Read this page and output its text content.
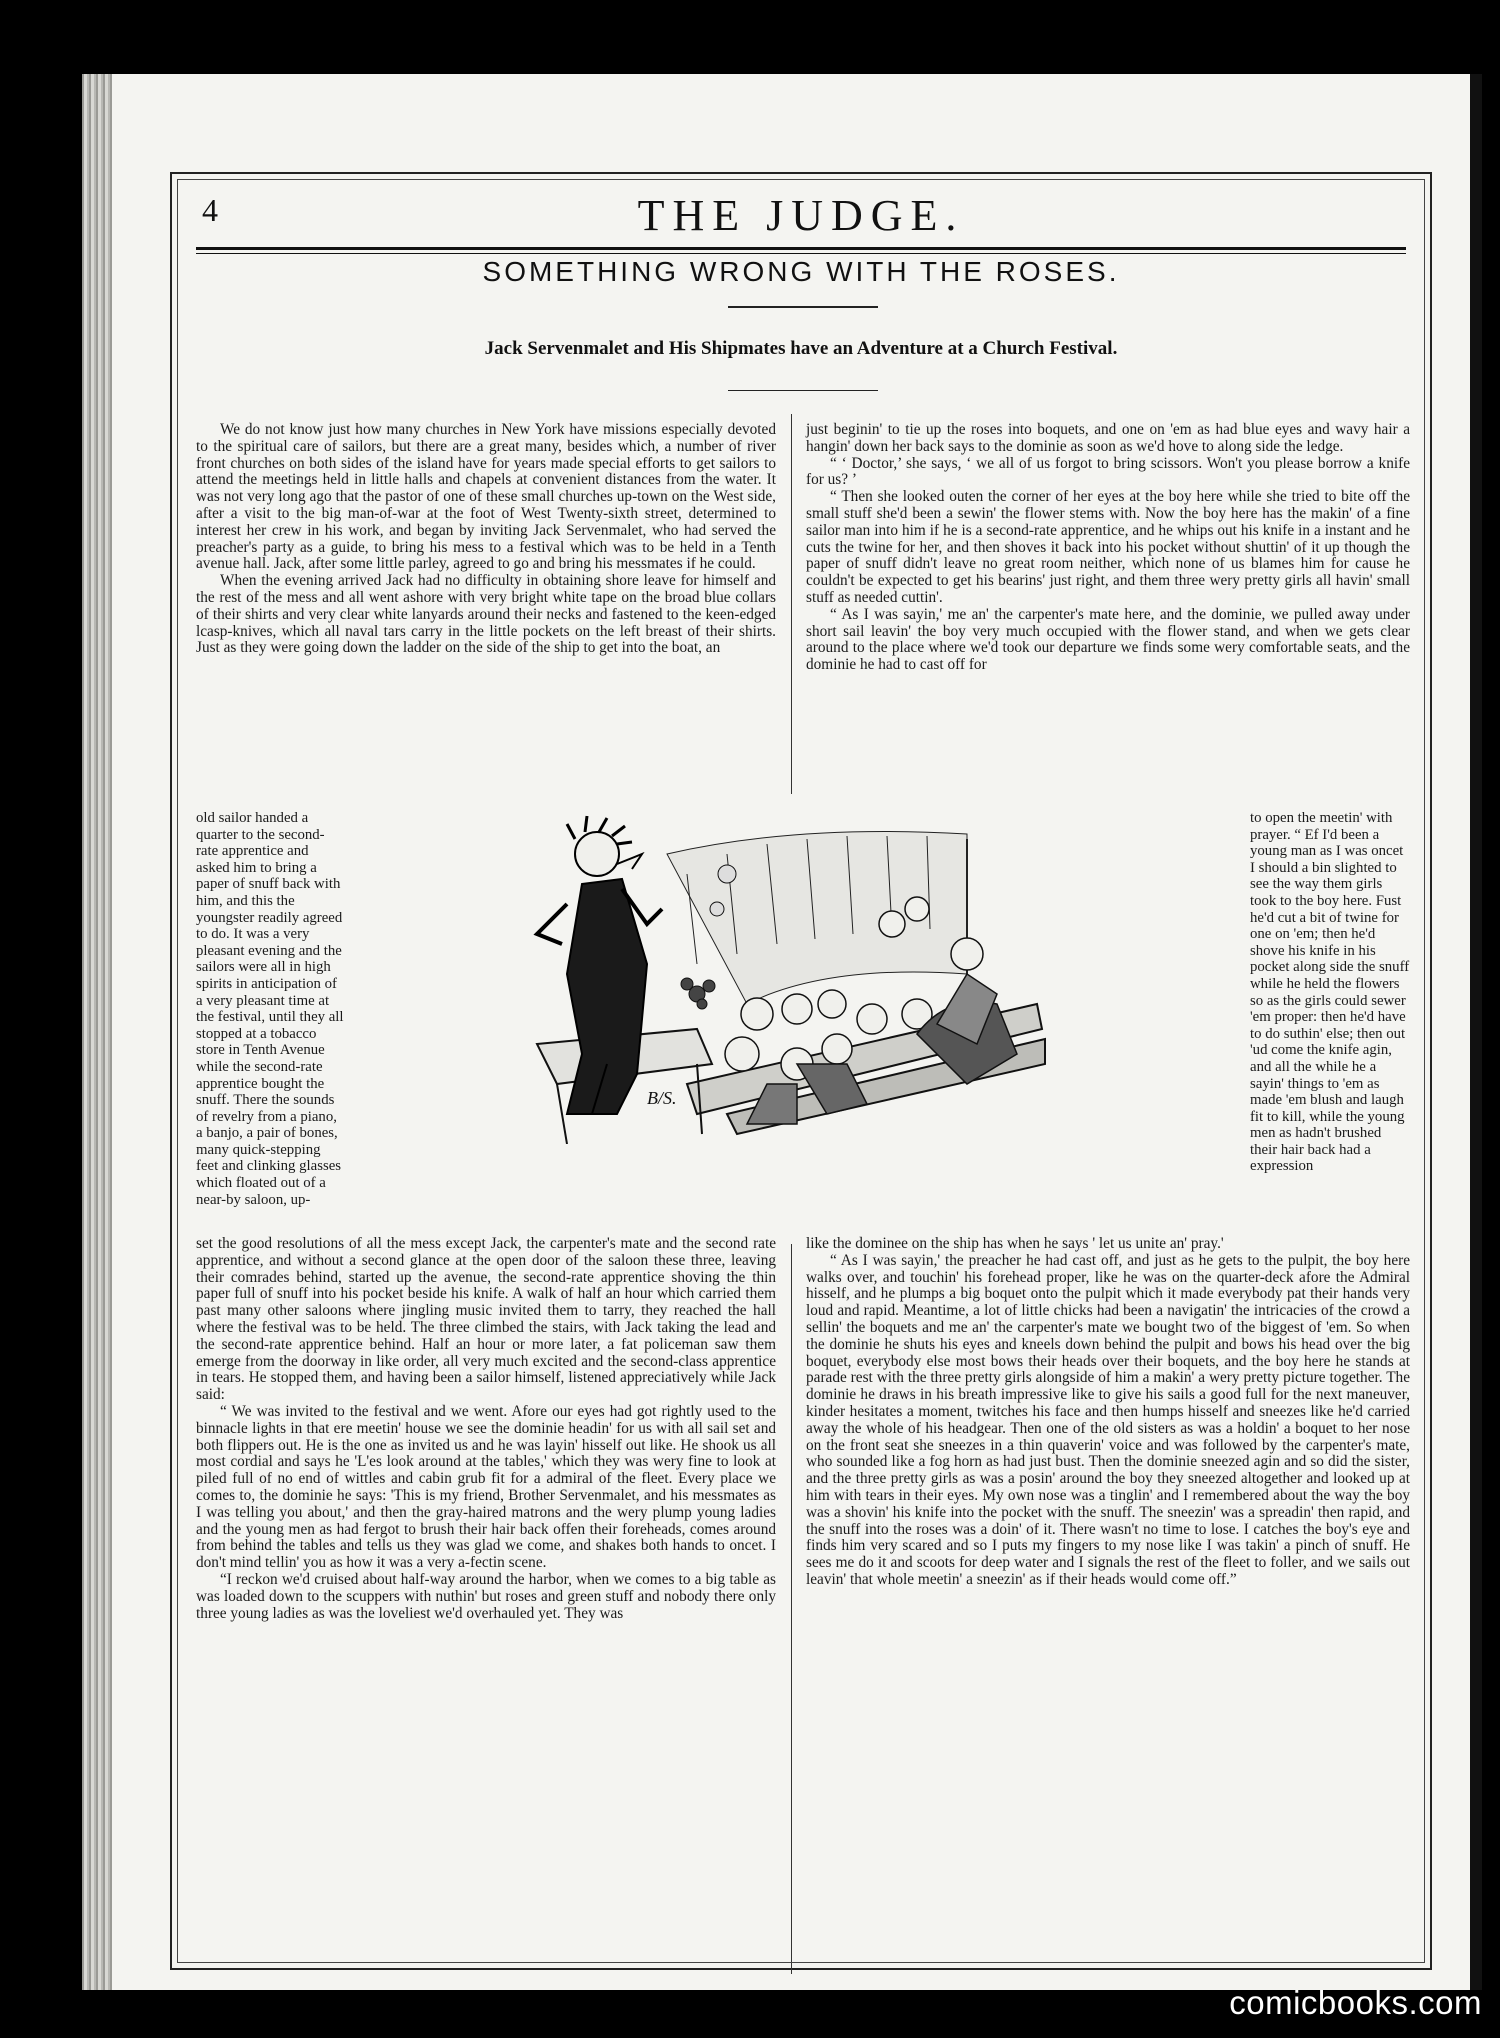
4	THE JUDGE.
SOMETHING WRONG WITH THE ROSES.
Jack Servenmalet and His Shipmates have an Adventure at a Church Festival.

We do not know just how many churches in New York have missions especially devoted to the spiritual care of sailors, but there are a great many, besides which, a number of river front churches on both sides of the island have for years made special efforts to get sailors to attend the meetings held in little halls and chapels at convenient distances from the water. It was not very long ago that the pastor of one of these small churches up-town on the West side, after a visit to the big man-of-war at the foot of West Twenty-sixth street, determined to interest her crew in his work, and began by inviting Jack Servenmalet, who had served the preacher's party as a guide, to bring his mess to a festival which was to be held in a Tenth avenue hall. Jack, after some little parley, agreed to go and bring his messmates if he could.

When the evening arrived Jack had no difficulty in obtaining shore leave for himself and the rest of the mess and all went ashore with very bright white tape on the broad blue collars of their shirts and very clear white lanyards around their necks and fastened to the keen-edged lcasp-knives, which all naval tars carry in the little pockets on the left breast of their shirts. Just as they were going down the ladder on the side of the ship to get into the boat, an

old sailor handed a quarter to the second-rate apprentice and asked him to bring a paper of snuff back with him, and this the youngster readily agreed to do. It was a very pleasant evening and the sailors were all in high spirits in anticipation of a very pleasant time at the festival, until they all stopped at a tobacco store in Tenth Avenue while the second-rate apprentice bought the snuff. There the sounds of revelry from a piano, a banjo, a pair of bones, many quick-stepping feet and clinking glasses which floated out of a near-by saloon, up-

set the good resolutions of all the mess except Jack, the carpenter's mate and the second rate apprentice, and without a second glance at the open door of the saloon these three, leaving their comrades behind, started up the avenue, the second-rate apprentice shoving the thin paper full of snuff into his pocket beside his knife. A walk of half an hour which carried them past many other saloons where jingling music invited them to tarry, they reached the hall where the festival was to be held. The three climbed the stairs, with Jack taking the lead and the second-rate apprentice behind. Half an hour or more later, a fat policeman saw them emerge from the doorway in like order, all very much excited and the second-class apprentice in tears. He stopped them, and having been a sailor himself, listened appreciatively while Jack said:

“ We was invited to the festival and we went. Afore our eyes had got rightly used to the binnacle lights in that ere meetin' house we see the dominie headin' for us with all sail set and both flippers out. He is the one as invited us and he was layin' hisself out like. He shook us all most cordial and says he 'L'es look around at the tables,' which they was wery fine to look at piled full of no end of wittles and cabin grub fit for a admiral of the fleet. Every place we comes to, the dominie he says: 'This is my friend, Brother Servenmalet, and his messmates as I was telling you about,' and then the gray-haired matrons and the wery plump young ladies and the young men as had fergot to brush their hair back offen their foreheads, comes around from behind the tables and tells us they was glad we come, and shakes both hands to oncet. I don't mind tellin' you as how it was a very a-fectin scene.

“I reckon we'd cruised about half-way around the harbor, when we comes to a big table as was loaded down to the scuppers with nuthin' but roses and green stuff and nobody there only three young ladies as was the loveliest we'd overhauled yet. They was

just beginin' to tie up the roses into boquets, and one on 'em as had blue eyes and wavy hair a hangin' down her back says to the dominie as soon as we'd hove to along side the ledge.

“ ‘ Doctor,’ she says, ‘ we all of us forgot to bring scissors. Won't you please borrow a knife for us? ’

“ Then she looked outen the corner of her eyes at the boy here while she tried to bite off the small stuff she'd been a sewin' the flower stems with. Now the boy here has the makin' of a fine sailor man into him if he is a second-rate apprentice, and he whips out his knife in a instant and he cuts the twine for her, and then shoves it back into his pocket without shuttin' of it up though the paper of snuff didn't leave no great room neither, which none of us blames him for cause he couldn't be expected to get his bearins' just right, and them three wery pretty girls all havin' small stuff as needed cuttin'.

“ As I was sayin,' me an' the carpenter's mate here, and the dominie, we pulled away under short sail leavin' the boy very much occupied with the flower stand, and when we gets clear around to the place where we'd took our departure we finds some wery comfortable seats, and the dominie he had to cast off for

to open the meetin' with prayer. “ Ef I'd been a young man as I was oncet I should a bin slighted to see the way them girls took to the boy here. Fust he'd cut a bit of twine for one on 'em; then he'd shove his knife in his pocket along side the snuff while he held the flowers so as the girls could sewer 'em proper: then he'd have to do suthin' else; then out 'ud come the knife agin, and all the while he a sayin' things to 'em as made 'em blush and laugh fit to kill, while the young men as hadn't brushed their hair back had a expression

like the dominee on the ship has when he says ' let us unite an' pray.'

“ As I was sayin,' the preacher he had cast off, and just as he gets to the pulpit, the boy here walks over, and touchin' his forehead proper, like he was on the quarter-deck afore the Admiral hisself, and he plumps a big boquet onto the pulpit which it made everybody pat their hands very loud and rapid. Meantime, a lot of little chicks had been a navigatin' the intricacies of the crowd a sellin' the boquets and me an' the carpenter's mate we bought two of the biggest of 'em. So when the dominie he shuts his eyes and kneels down behind the pulpit and bows his head over the big boquet, everybody else most bows their heads over their boquets, and the boy here he stands at parade rest with the three pretty girls alongside of him a makin' a wery pretty picture together. The dominie he draws in his breath impressive like to give his sails a good full for the next maneuver, kinder hesitates a moment, twitches his face and then humps hisself and sneezes like he'd carried away the whole of his headgear. Then one of the old sisters as was a holdin' a boquet to her nose on the front seat she sneezes in a thin quaverin' voice and was followed by the carpenter's mate, who sounded like a fog horn as had just bust. Then the dominie sneezed agin and so did the sister, and the three pretty girls as was a posin' around the boy they sneezed altogether and looked up at him with tears in their eyes. My own nose was a tinglin' and I remembered about the way the boy was a shovin' his knife into the pocket with the snuff. The sneezin' was a spreadin' then rapid, and the snuff into the roses was a doin' of it. There wasn't no time to lose. I catches the boy's eye and finds him very scared and so I puts my fingers to my nose like I was takin' a pinch of snuff. He sees me do it and scoots for deep water and I signals the rest of the fleet to foller, and we sails out leavin' that whole meetin' a sneezin' as if their heads would come off.”

B/S.
comicbooks.com
